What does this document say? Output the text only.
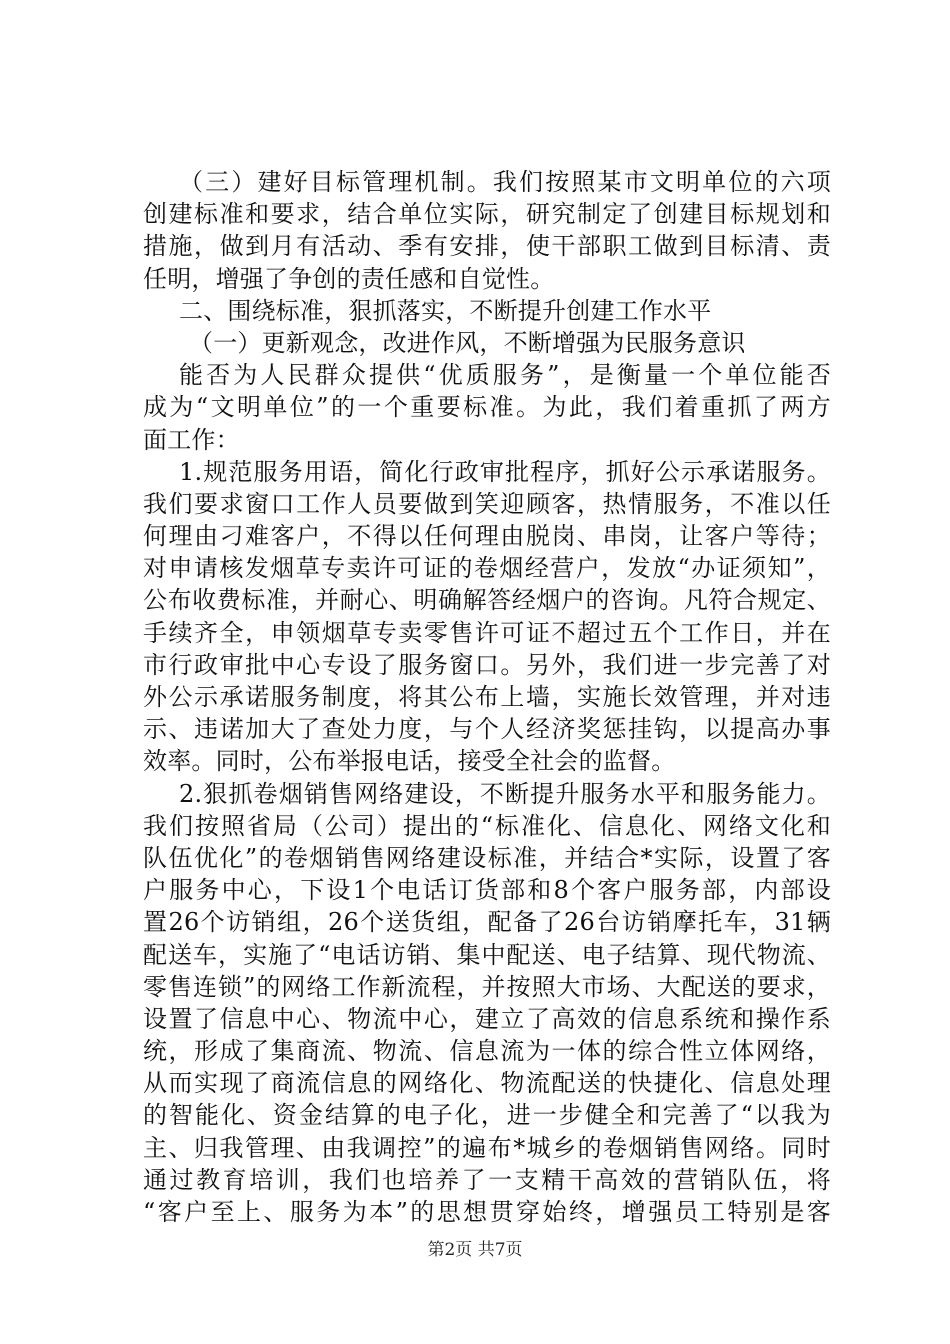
（三）建好目标管理机制。我们按照某市文明单位的六项
创建标准和要求，结合单位实际，研究制定了创建目标规划和
措施，做到月有活动、季有安排，使干部职工做到目标清、责
任明，增强了争创的责任感和自觉性。
二、围绕标准，狠抓落实，不断提升创建工作水平
（一）更新观念，改进作风，不断增强为民服务意识
能否为人民群众提供“优质服务”，是衡量一个单位能否
成为“文明单位”的一个重要标准。为此，我们着重抓了两方
面工作：
1.规范服务用语，简化行政审批程序，抓好公示承诺服务。
我们要求窗口工作人员要做到笑迎顾客，热情服务，不准以任
何理由刁难客户，不得以任何理由脱岗、串岗，让客户等待；
对申请核发烟草专卖许可证的卷烟经营户，发放“办证须知”，
公布收费标准，并耐心、明确解答经烟户的咨询。凡符合规定、
手续齐全，申领烟草专卖零售许可证不超过五个工作日，并在
市行政审批中心专设了服务窗口。另外，我们进一步完善了对
外公示承诺服务制度，将其公布上墙，实施长效管理，并对违
示、违诺加大了查处力度，与个人经济奖惩挂钩，以提高办事
效率。同时，公布举报电话，接受全社会的监督。
2.狠抓卷烟销售网络建设，不断提升服务水平和服务能力。
我们按照省局（公司）提出的“标准化、信息化、网络文化和
队伍优化”的卷烟销售网络建设标准，并结合*实际，设置了客
户服务中心，下设1个电话订货部和8个客户服务部，内部设
置26个访销组，26个送货组，配备了26台访销摩托车，31辆
配送车，实施了“电话访销、集中配送、电子结算、现代物流、
零售连锁”的网络工作新流程，并按照大市场、大配送的要求，
设置了信息中心、物流中心，建立了高效的信息系统和操作系
统，形成了集商流、物流、信息流为一体的综合性立体网络，
从而实现了商流信息的网络化、物流配送的快捷化、信息处理
的智能化、资金结算的电子化，进一步健全和完善了“以我为
主、归我管理、由我调控”的遍布*城乡的卷烟销售网络。同时
通过教育培训，我们也培养了一支精干高效的营销队伍，将
“客户至上、服务为本”的思想贯穿始终，增强员工特别是客
第2页 共7页
